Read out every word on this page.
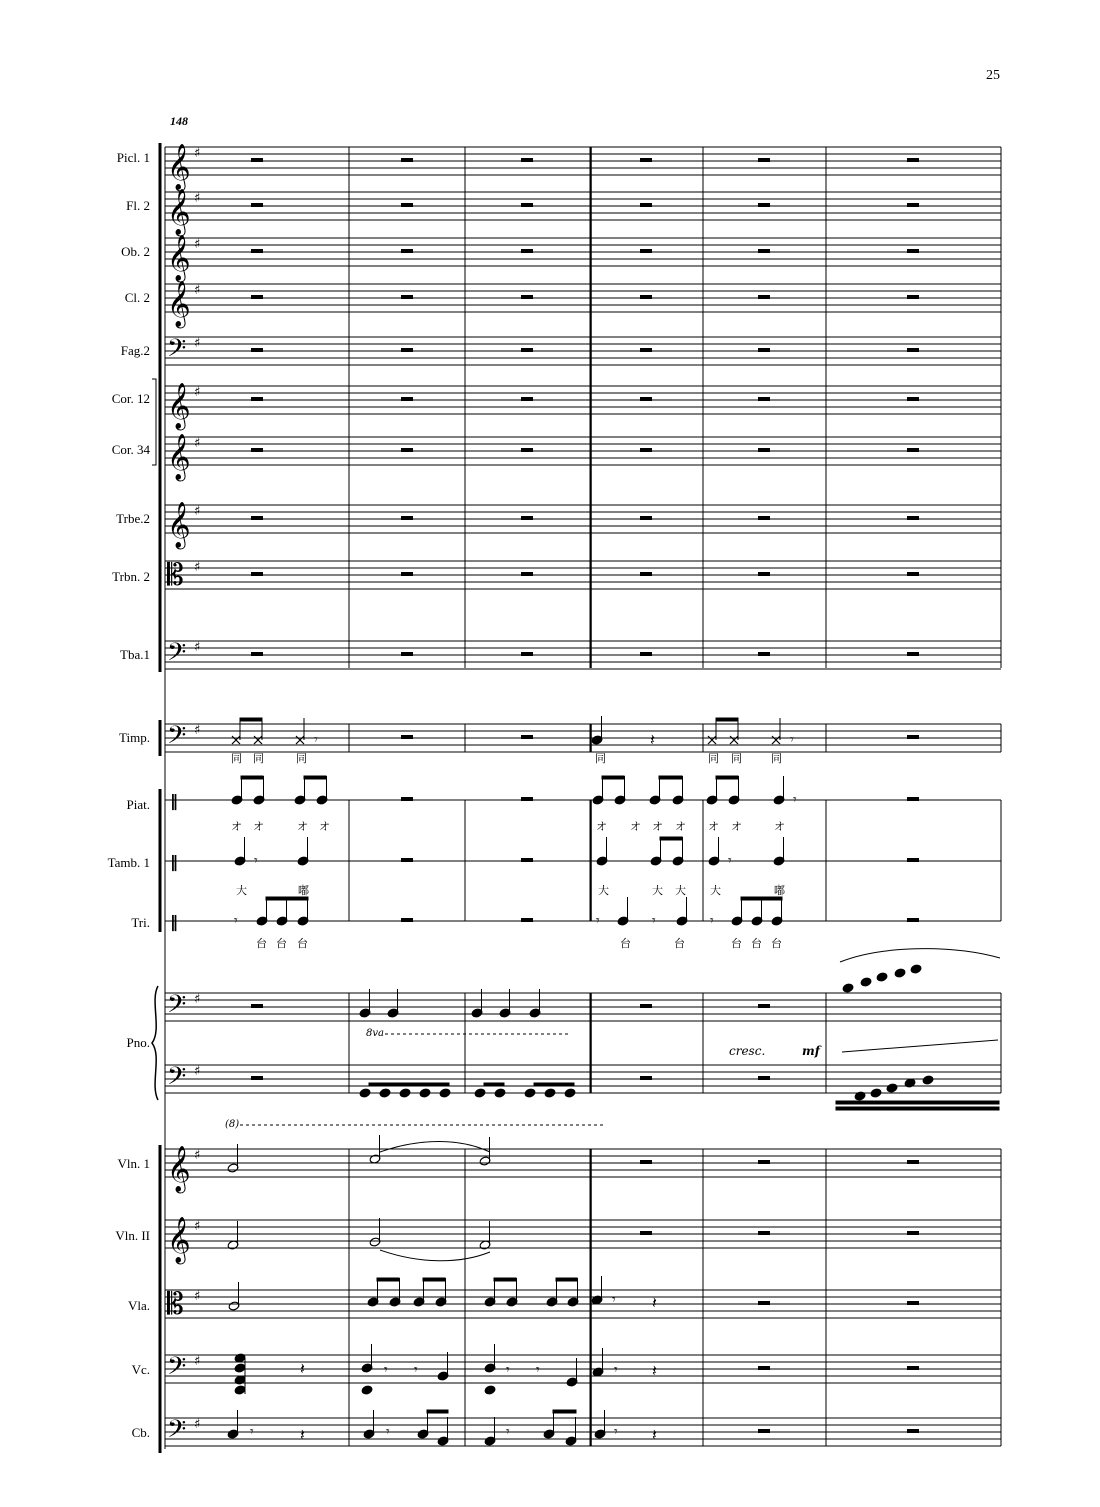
25
148
Picl. 1
Fl. 2
Ob. 2
Cl. 2
Fag.2
Cor. 12
Cor. 34
Trbe.2
Trbn. 2
Tba.1
Timp.
Piat.
Tamb. 1
Tri.
Pno.
Vln. 1
Vln. II
Vla.
Vc.
Cb.
同 同	同	同	同 同	同
オ オ	オ オ	オ オ オ オ オ オ	オ
大	嘟	大	大 大 大	嘟
台 台 台	台	台	台 台 台
8va
(8)
cresc.	mf
𝄞 ♯
𝄞 ♯
𝄞 ♯
𝄞 ♯
𝄢 ♯
𝄞 ♯
𝄞 ♯
𝄞 ♯
𝄡 ♯
𝄢 ♯
𝄢 ♯
𝄢 ♯
𝄢 ♯
𝄞 ♯
𝄞 ♯
𝄡 ♯
𝄢 ♯
𝄢 ♯
‖
‖
‖
𝄾	𝄽	𝄾
𝄾
𝄾	𝄾
𝄾	𝄾	𝄾	𝄾
𝄾 𝄽
𝄽	𝄾 𝄾	𝄾 𝄾	𝄾 𝄽
𝄾	𝄽	𝄾	𝄾	𝄾 𝄽
